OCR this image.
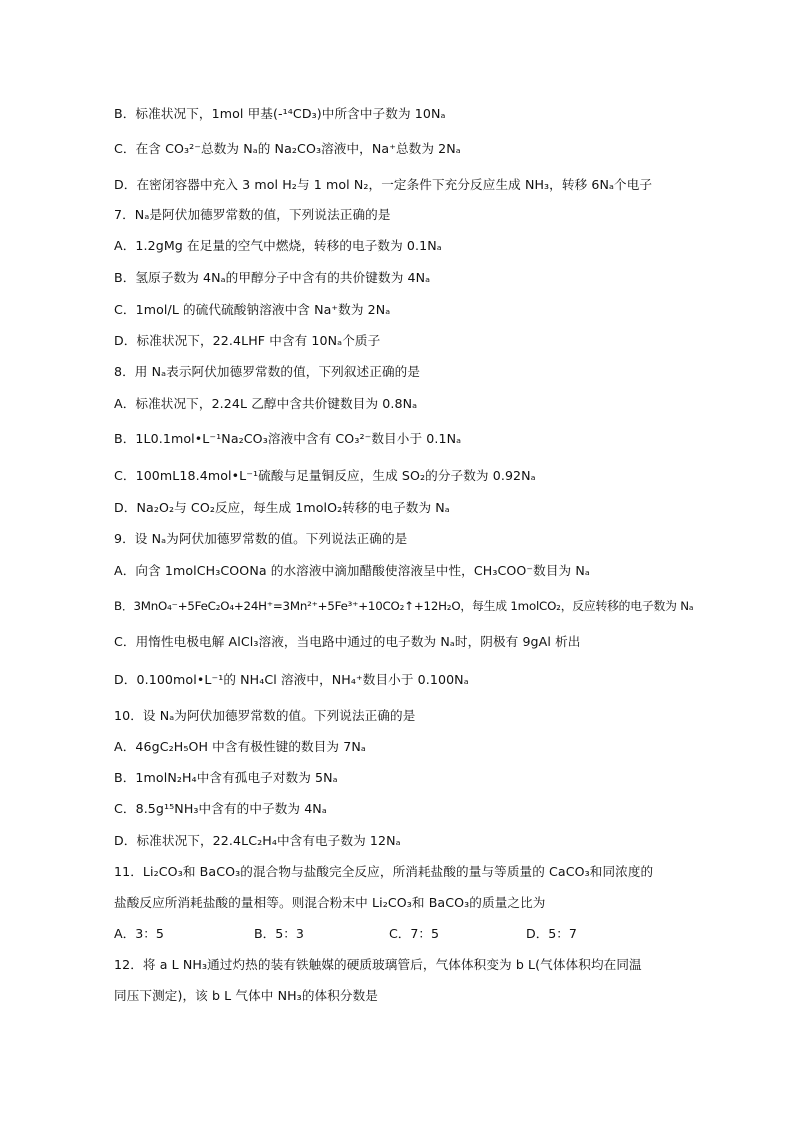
B．标准状况下，1mol 甲基(-¹⁴CD₃)中所含中子数为 10Nₐ
C．在含 CO₃²⁻总数为 Nₐ的 Na₂CO₃溶液中，Na⁺总数为 2Nₐ
D．在密闭容器中充入 3 mol H₂与 1 mol N₂，一定条件下充分反应生成 NH₃，转移 6Nₐ个电子
7．Nₐ是阿伏加德罗常数的值，下列说法正确的是
A．1.2gMg 在足量的空气中燃烧，转移的电子数为 0.1Nₐ
B．氢原子数为 4Nₐ的甲醇分子中含有的共价键数为 4Nₐ
C．1mol/L 的硫代硫酸钠溶液中含 Na⁺数为 2Nₐ
D．标准状况下，22.4LHF 中含有 10Nₐ个质子
8．用 Nₐ表示阿伏加德罗常数的值，下列叙述正确的是
A．标准状况下，2.24L 乙醇中含共价键数目为 0.8Nₐ
B．1L0.1mol•L⁻¹Na₂CO₃溶液中含有 CO₃²⁻数目小于 0.1Nₐ
C．100mL18.4mol•L⁻¹硫酸与足量铜反应，生成 SO₂的分子数为 0.92Nₐ
D．Na₂O₂与 CO₂反应，每生成 1molO₂转移的电子数为 Nₐ
9．设 Nₐ为阿伏加德罗常数的值。下列说法正确的是
A．向含 1molCH₃COONa 的水溶液中滴加醋酸使溶液呈中性，CH₃COO⁻数目为 Nₐ
B．3MnO₄⁻+5FeC₂O₄+24H⁺=3Mn²⁺+5Fe³⁺+10CO₂↑+12H₂O，每生成 1molCO₂，反应转移的电子数为 Nₐ
C．用惰性电极电解 AlCl₃溶液，当电路中通过的电子数为 Nₐ时，阴极有 9gAl 析出
D．0.100mol•L⁻¹的 NH₄Cl 溶液中，NH₄⁺数目小于 0.100Nₐ
10．设 Nₐ为阿伏加德罗常数的值。下列说法正确的是
A．46gC₂H₅OH 中含有极性键的数目为 7Nₐ
B．1molN₂H₄中含有孤电子对数为 5Nₐ
C．8.5g¹⁵NH₃中含有的中子数为 4Nₐ
D．标准状况下，22.4LC₂H₄中含有电子数为 12Nₐ
11．Li₂CO₃和 BaCO₃的混合物与盐酸完全反应，所消耗盐酸的量与等质量的 CaCO₃和同浓度的
盐酸反应所消耗盐酸的量相等。则混合粉末中 Li₂CO₃和 BaCO₃的质量之比为
A．3：5	B．5：3	C．7：5	D．5：7
12．将 a L NH₃通过灼热的装有铁触媒的硬质玻璃管后，气体体积变为 b L(气体体积均在同温
同压下测定)，该 b L 气体中 NH₃的体积分数是
